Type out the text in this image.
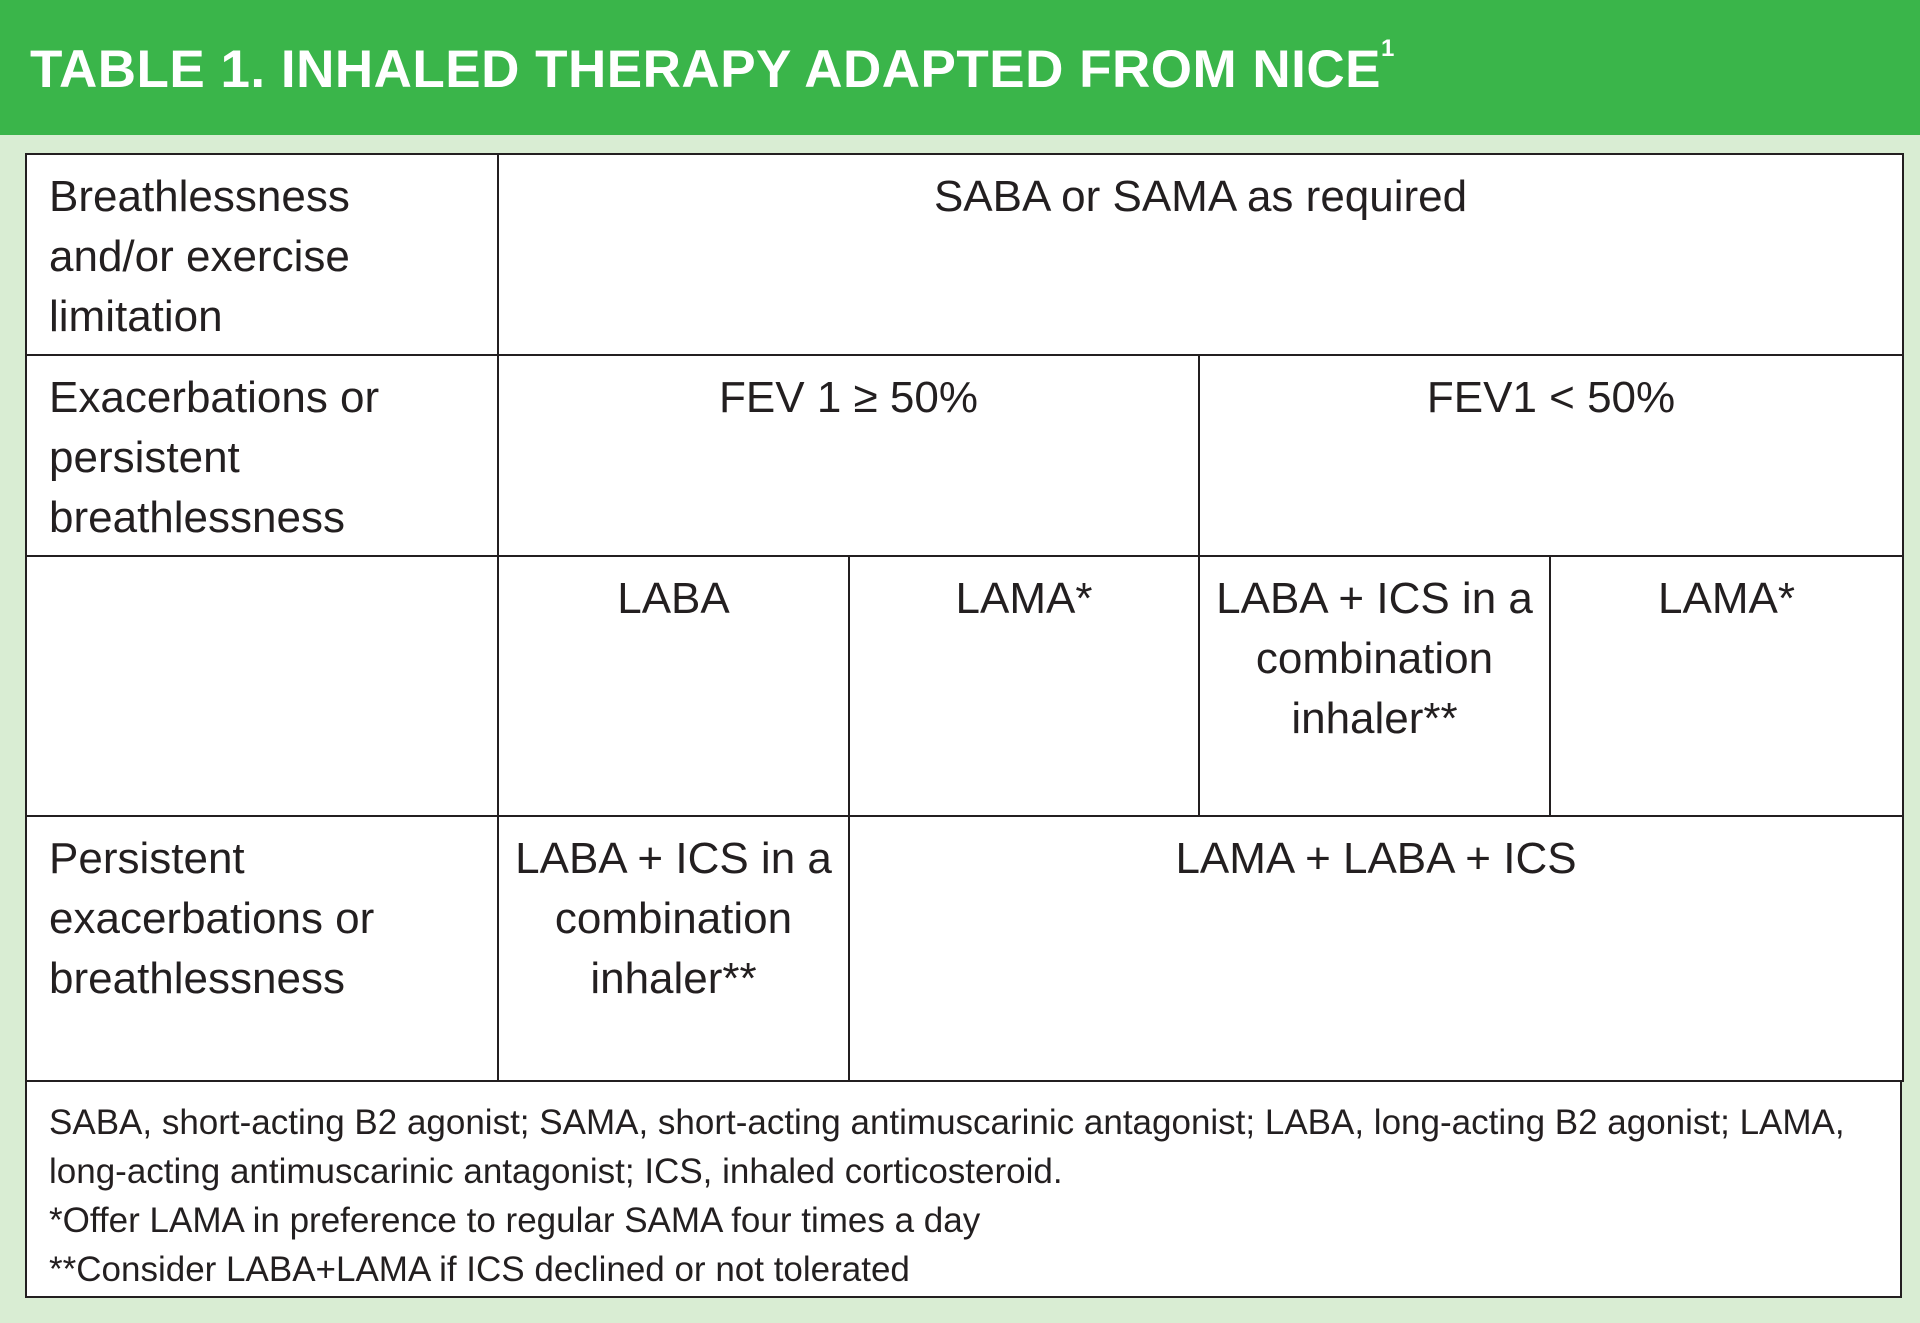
TABLE 1. INHALED THERAPY ADAPTED FROM NICE$^1$
Breathlessness and/or exercise limitation	SABA or SAMA as required			
Exacerbations or persistent breathlessness	FEV 1 ≥ 50%		FEV1 < 50%	
	LABA	LAMA*	LABA + ICS in a combination inhaler**	LAMA*
Persistent exacerbations or breathlessness	LABA + ICS in a combination inhaler**	LAMA + LABA + ICS		

SABA, short-acting B2 agonist; SAMA, short-acting antimuscarinic antagonist; LABA, long-acting B2 agonist; LAMA, long-acting antimuscarinic antagonist; ICS, inhaled corticosteroid.

*Offer LAMA in preference to regular SAMA four times a day

**Consider LABA+LAMA if ICS declined or not tolerated
